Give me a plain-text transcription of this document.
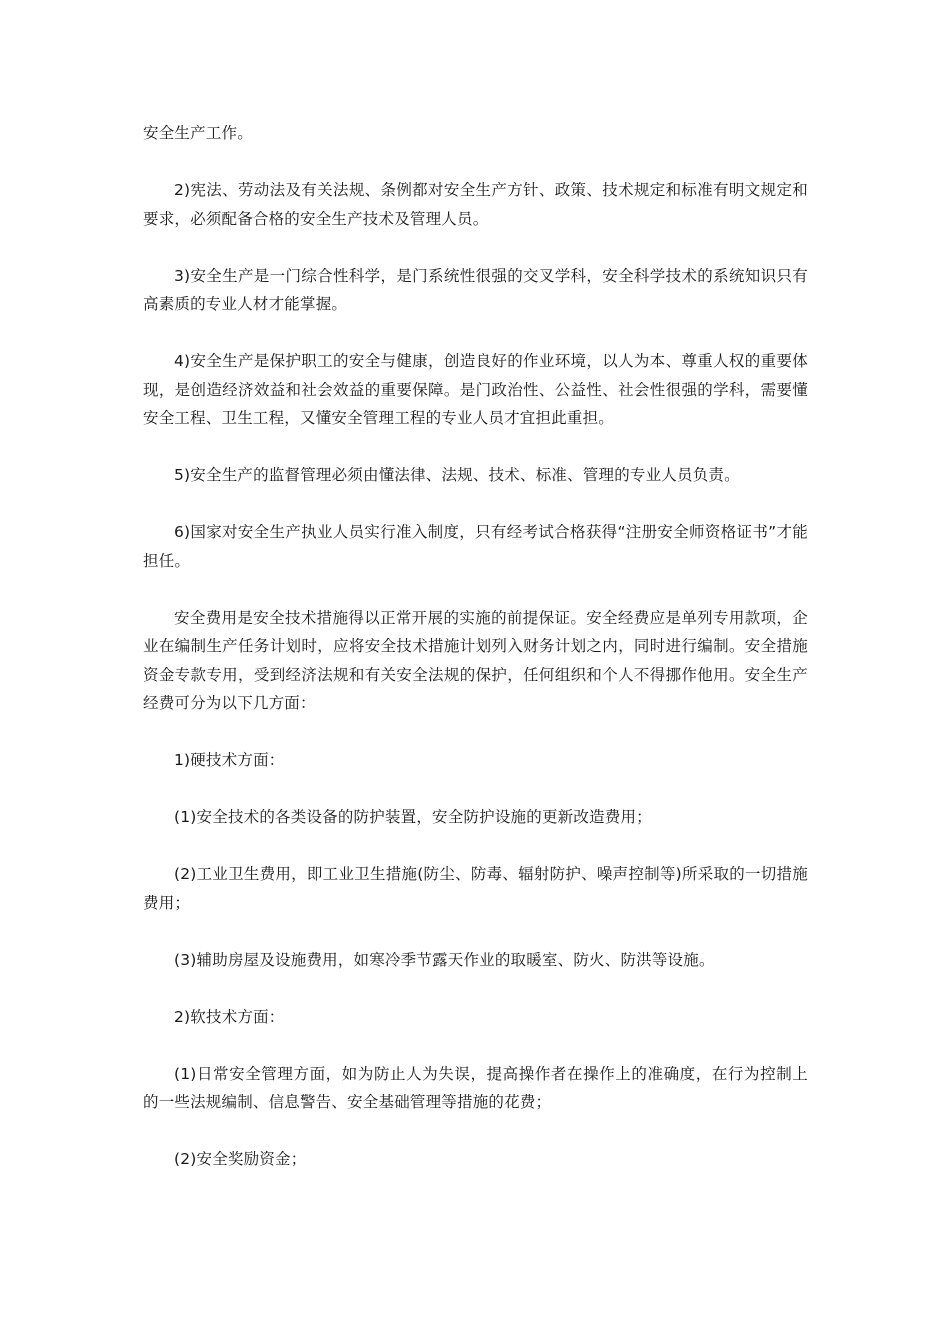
安全生产工作。

2)宪法、劳动法及有关法规、条例都对安全生产方针、政策、技术规定和标准有明文规定和要求，必须配备合格的安全生产技术及管理人员。

3)安全生产是一门综合性科学，是门系统性很强的交叉学科，安全科学技术的系统知识只有高素质的专业人材才能掌握。

4)安全生产是保护职工的安全与健康，创造良好的作业环境，以人为本、尊重人权的重要体现，是创造经济效益和社会效益的重要保障。是门政治性、公益性、社会性很强的学科，需要懂安全工程、卫生工程，又懂安全管理工程的专业人员才宜担此重担。

5)安全生产的监督管理必须由懂法律、法规、技术、标准、管理的专业人员负责。

6)国家对安全生产执业人员实行准入制度，只有经考试合格获得“注册安全师资格证书”才能担任。

安全费用是安全技术措施得以正常开展的实施的前提保证。安全经费应是单列专用款项，企业在编制生产任务计划时，应将安全技术措施计划列入财务计划之内，同时进行编制。安全措施资金专款专用，受到经济法规和有关安全法规的保护，任何组织和个人不得挪作他用。安全生产经费可分为以下几方面：

1)硬技术方面：

(1)安全技术的各类设备的防护装置，安全防护设施的更新改造费用；

(2)工业卫生费用，即工业卫生措施(防尘、防毒、辐射防护、噪声控制等)所采取的一切措施费用；

(3)辅助房屋及设施费用，如寒冷季节露天作业的取暖室、防火、防洪等设施。

2)软技术方面：

(1)日常安全管理方面，如为防止人为失误，提高操作者在操作上的准确度，在行为控制上的一些法规编制、信息警告、安全基础管理等措施的花费；

(2)安全奖励资金；
